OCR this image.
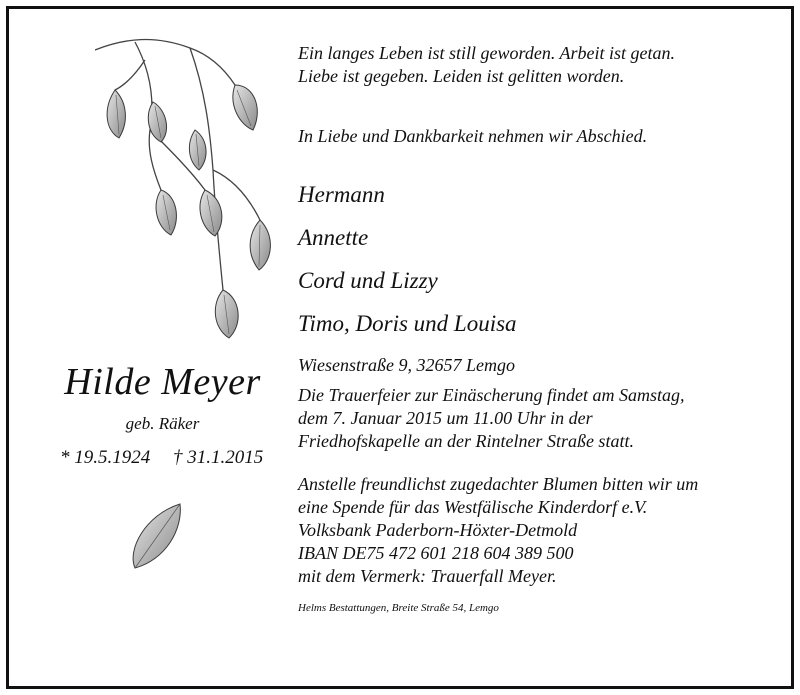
Hilde Meyer
geb. Räker
* 19.5.1924 † 31.1.2015
Ein langes Leben ist still geworden. Arbeit ist getan.
Liebe ist gegeben. Leiden ist gelitten worden.
In Liebe und Dankbarkeit nehmen wir Abschied.
Hermann
Annette
Cord und Lizzy
Timo, Doris und Louisa
Wiesenstraße 9, 32657 Lemgo
Die Trauerfeier zur Einäscherung findet am Samstag,
dem 7. Januar 2015 um 11.00 Uhr in der
Friedhofskapelle an der Rintelner Straße statt.
Anstelle freundlichst zugedachter Blumen bitten wir um
eine Spende für das Westfälische Kinderdorf e.V.
Volksbank Paderborn-Höxter-Detmold
IBAN DE75 472 601 218 604 389 500
mit dem Vermerk: Trauerfall Meyer.
Helms Bestattungen, Breite Straße 54, Lemgo
